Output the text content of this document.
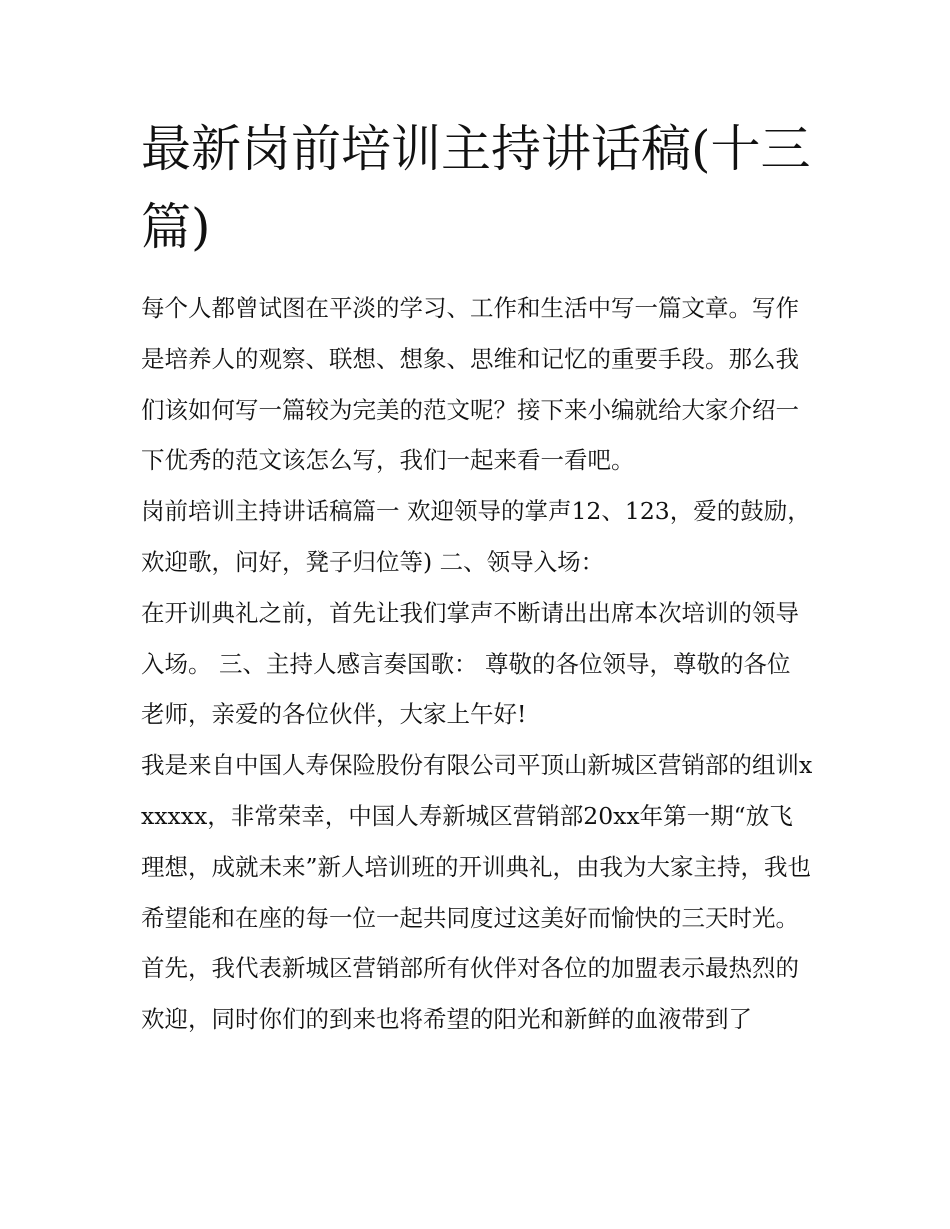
最新岗前培训主持讲话稿(十三篇)

每个人都曾试图在平淡的学习、工作和生活中写一篇文章。写作是培养人的观察、联想、想象、思维和记忆的重要手段。那么我们该如何写一篇较为完美的范文呢？接下来小编就给大家介绍一下优秀的范文该怎么写，我们一起来看一看吧。

岗前培训主持讲话稿篇一 欢迎领导的掌声12、123，爱的鼓励，欢迎歌，问好，凳子归位等) 二、领导入场：

在开训典礼之前，首先让我们掌声不断请出出席本次培训的领导入场。 三、主持人感言奏国歌： 尊敬的各位领导，尊敬的各位老师，亲爱的各位伙伴，大家上午好!

我是来自中国人寿保险股份有限公司平顶山新城区营销部的组训xxxxxx，非常荣幸，中国人寿新城区营销部20xx年第一期“放飞理想，成就未来”新人培训班的开训典礼，由我为大家主持，我也希望能和在座的每一位一起共同度过这美好而愉快的三天时光。

首先，我代表新城区营销部所有伙伴对各位的加盟表示最热烈的欢迎，同时你们的到来也将希望的阳光和新鲜的血液带到了
